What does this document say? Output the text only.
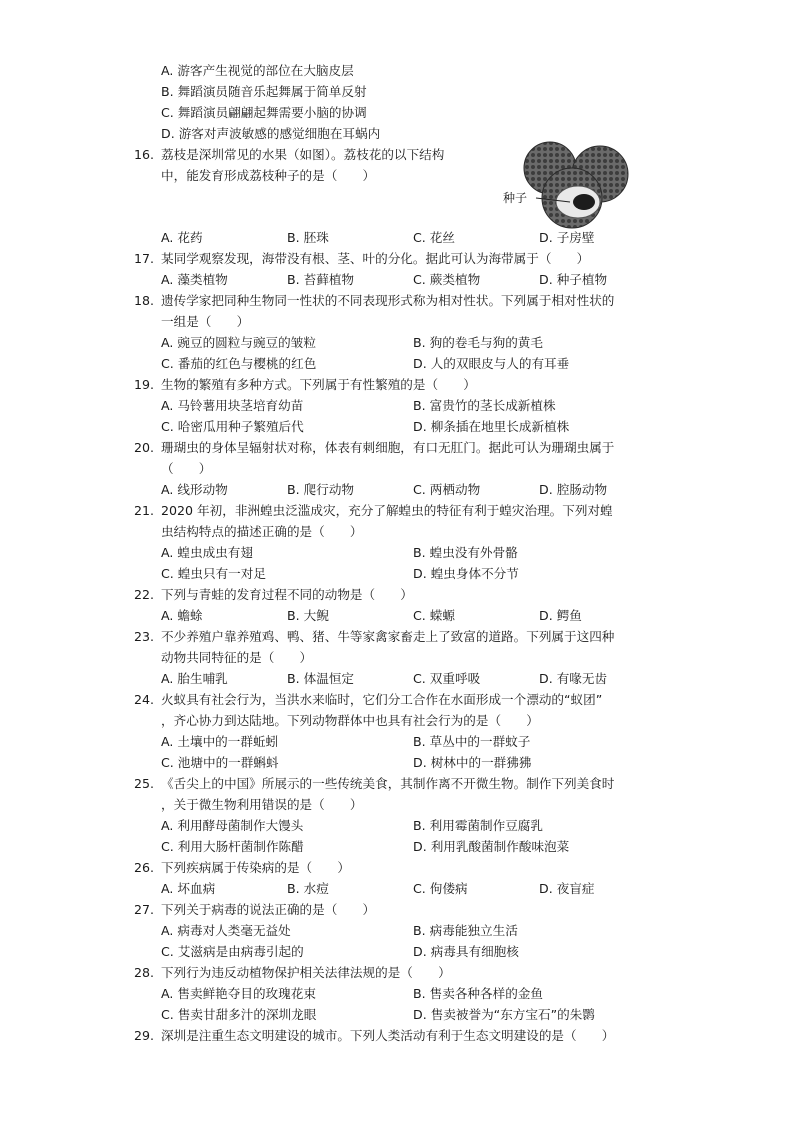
A. 游客产生视觉的部位在大脑皮层
B. 舞蹈演员随音乐起舞属于简单反射
C. 舞蹈演员翩翩起舞需要小脑的协调
D. 游客对声波敏感的感觉细胞在耳蜗内
16. 荔枝是深圳常见的水果（如图）。荔枝花的以下结构
中，能发育形成荔枝种子的是（　　）
种子
A. 花药	B. 胚珠	C. 花丝	D. 子房壁
17. 某同学观察发现，海带没有根、茎、叶的分化。据此可认为海带属于（　　）
A. 藻类植物	B. 苔藓植物	C. 蕨类植物	D. 种子植物
18. 遗传学家把同种生物同一性状的不同表现形式称为相对性状。下列属于相对性状的
一组是（　　）
A. 豌豆的圆粒与豌豆的皱粒	B. 狗的卷毛与狗的黄毛
C. 番茄的红色与樱桃的红色	D. 人的双眼皮与人的有耳垂
19. 生物的繁殖有多种方式。下列属于有性繁殖的是（　　）
A. 马铃薯用块茎培育幼苗	B. 富贵竹的茎长成新植株
C. 哈密瓜用种子繁殖后代	D. 柳条插在地里长成新植株
20. 珊瑚虫的身体呈辐射状对称，体表有刺细胞，有口无肛门。据此可认为珊瑚虫属于
（　　）
A. 线形动物	B. 爬行动物	C. 两栖动物	D. 腔肠动物
21. 2020 年初，非洲蝗虫泛滥成灾，充分了解蝗虫的特征有利于蝗灾治理。下列对蝗
虫结构特点的描述正确的是（　　）
A. 蝗虫成虫有翅	B. 蝗虫没有外骨骼
C. 蝗虫只有一对足	D. 蝗虫身体不分节
22. 下列与青蛙的发育过程不同的动物是（　　）
A. 蟾蜍	B. 大鲵	C. 蝾螈	D. 鳄鱼
23. 不少养殖户靠养殖鸡、鸭、猪、牛等家禽家畜走上了致富的道路。下列属于这四种
动物共同特征的是（　　）
A. 胎生哺乳	B. 体温恒定	C. 双重呼吸	D. 有喙无齿
24. 火蚁具有社会行为，当洪水来临时，它们分工合作在水面形成一个漂动的“蚁团”
，齐心协力到达陆地。下列动物群体中也具有社会行为的是（　　）
A. 土壤中的一群蚯蚓	B. 草丛中的一群蚊子
C. 池塘中的一群蝌蚪	D. 树林中的一群狒狒
25. 《舌尖上的中国》所展示的一些传统美食，其制作离不开微生物。制作下列美食时
，关于微生物利用错误的是（　　）
A. 利用酵母菌制作大馒头	B. 利用霉菌制作豆腐乳
C. 利用大肠杆菌制作陈醋	D. 利用乳酸菌制作酸味泡菜
26. 下列疾病属于传染病的是（　　）
A. 坏血病	B. 水痘	C. 佝偻病	D. 夜盲症
27. 下列关于病毒的说法正确的是（　　）
A. 病毒对人类毫无益处	B. 病毒能独立生活
C. 艾滋病是由病毒引起的	D. 病毒具有细胞核
28. 下列行为违反动植物保护相关法律法规的是（　　）
A. 售卖鲜艳夺目的玫瑰花束	B. 售卖各种各样的金鱼
C. 售卖甘甜多汁的深圳龙眼	D. 售卖被誉为“东方宝石”的朱鹮
29. 深圳是注重生态文明建设的城市。下列人类活动有利于生态文明建设的是（　　）
